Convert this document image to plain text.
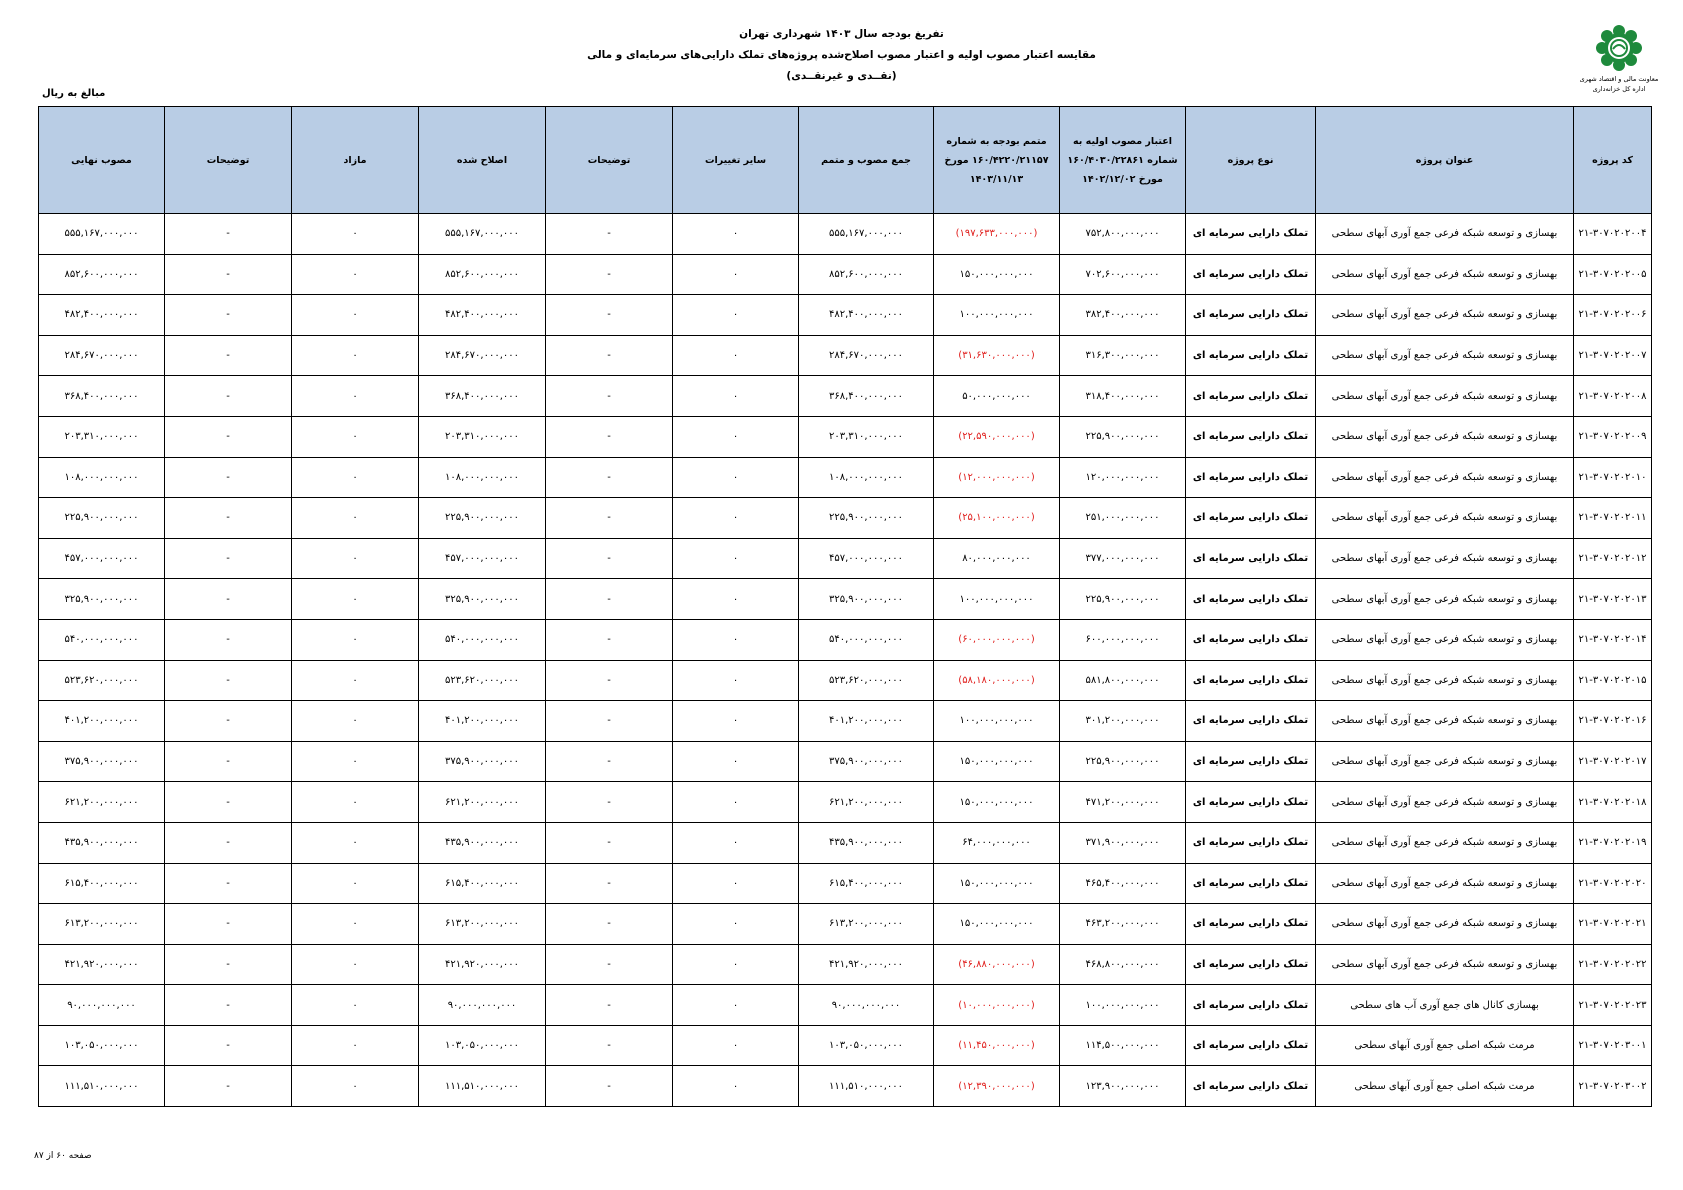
تفریغ بودجه سال ۱۴۰۳ شهرداری تهران
مقایسه اعتبار مصوب اولیه و اعتبار مصوب اصلاح‌شده پروژه‌های تملک دارایی‌های سرمایه‌ای و مالی
(نقــدی و غیرنقــدی)	معاونت مالی و اقتصاد شهری
اداره کل خزانه‌داری
مبالغ به ریال
کد پروژه	عنوان پروژه	نوع پروژه	اعتبار مصوب اولیه به شماره ۱۶۰/۴۰۳۰/۲۲۸۶۱ مورخ ۱۴۰۲/۱۲/۰۲	متمم بودجه به شماره ۱۶۰/۴۲۲۰/۲۱۱۵۷ مورخ ۱۴۰۳/۱۱/۱۳	جمع مصوب و متمم	سایر تغییرات	توضیحات	اصلاح شده	مازاد	توضیحات	مصوب نهایی
۲۱-۳۰۷۰۲۰۲۰۰۴	بهسازی و توسعه شبکه فرعی جمع آوری آبهای سطحی	تملک دارایی سرمایه ای	۷۵۲,۸۰۰,۰۰۰,۰۰۰	(۱۹۷,۶۳۳,۰۰۰,۰۰۰)	۵۵۵,۱۶۷,۰۰۰,۰۰۰	۰	-	۵۵۵,۱۶۷,۰۰۰,۰۰۰	۰	-	۵۵۵,۱۶۷,۰۰۰,۰۰۰
۲۱-۳۰۷۰۲۰۲۰۰۵	بهسازی و توسعه شبکه فرعی جمع آوری آبهای سطحی	تملک دارایی سرمایه ای	۷۰۲,۶۰۰,۰۰۰,۰۰۰	۱۵۰,۰۰۰,۰۰۰,۰۰۰	۸۵۲,۶۰۰,۰۰۰,۰۰۰	۰	-	۸۵۲,۶۰۰,۰۰۰,۰۰۰	۰	-	۸۵۲,۶۰۰,۰۰۰,۰۰۰
۲۱-۳۰۷۰۲۰۲۰۰۶	بهسازی و توسعه شبکه فرعی جمع آوری آبهای سطحی	تملک دارایی سرمایه ای	۳۸۲,۴۰۰,۰۰۰,۰۰۰	۱۰۰,۰۰۰,۰۰۰,۰۰۰	۴۸۲,۴۰۰,۰۰۰,۰۰۰	۰	-	۴۸۲,۴۰۰,۰۰۰,۰۰۰	۰	-	۴۸۲,۴۰۰,۰۰۰,۰۰۰
۲۱-۳۰۷۰۲۰۲۰۰۷	بهسازی و توسعه شبکه فرعی جمع آوری آبهای سطحی	تملک دارایی سرمایه ای	۳۱۶,۳۰۰,۰۰۰,۰۰۰	(۳۱,۶۳۰,۰۰۰,۰۰۰)	۲۸۴,۶۷۰,۰۰۰,۰۰۰	۰	-	۲۸۴,۶۷۰,۰۰۰,۰۰۰	۰	-	۲۸۴,۶۷۰,۰۰۰,۰۰۰
۲۱-۳۰۷۰۲۰۲۰۰۸	بهسازی و توسعه شبکه فرعی جمع آوری آبهای سطحی	تملک دارایی سرمایه ای	۳۱۸,۴۰۰,۰۰۰,۰۰۰	۵۰,۰۰۰,۰۰۰,۰۰۰	۳۶۸,۴۰۰,۰۰۰,۰۰۰	۰	-	۳۶۸,۴۰۰,۰۰۰,۰۰۰	۰	-	۳۶۸,۴۰۰,۰۰۰,۰۰۰
۲۱-۳۰۷۰۲۰۲۰۰۹	بهسازی و توسعه شبکه فرعی جمع آوری آبهای سطحی	تملک دارایی سرمایه ای	۲۲۵,۹۰۰,۰۰۰,۰۰۰	(۲۲,۵۹۰,۰۰۰,۰۰۰)	۲۰۳,۳۱۰,۰۰۰,۰۰۰	۰	-	۲۰۳,۳۱۰,۰۰۰,۰۰۰	۰	-	۲۰۳,۳۱۰,۰۰۰,۰۰۰
۲۱-۳۰۷۰۲۰۲۰۱۰	بهسازی و توسعه شبکه فرعی جمع آوری آبهای سطحی	تملک دارایی سرمایه ای	۱۲۰,۰۰۰,۰۰۰,۰۰۰	(۱۲,۰۰۰,۰۰۰,۰۰۰)	۱۰۸,۰۰۰,۰۰۰,۰۰۰	۰	-	۱۰۸,۰۰۰,۰۰۰,۰۰۰	۰	-	۱۰۸,۰۰۰,۰۰۰,۰۰۰
۲۱-۳۰۷۰۲۰۲۰۱۱	بهسازی و توسعه شبکه فرعی جمع آوری آبهای سطحی	تملک دارایی سرمایه ای	۲۵۱,۰۰۰,۰۰۰,۰۰۰	(۲۵,۱۰۰,۰۰۰,۰۰۰)	۲۲۵,۹۰۰,۰۰۰,۰۰۰	۰	-	۲۲۵,۹۰۰,۰۰۰,۰۰۰	۰	-	۲۲۵,۹۰۰,۰۰۰,۰۰۰
۲۱-۳۰۷۰۲۰۲۰۱۲	بهسازی و توسعه شبکه فرعی جمع آوری آبهای سطحی	تملک دارایی سرمایه ای	۳۷۷,۰۰۰,۰۰۰,۰۰۰	۸۰,۰۰۰,۰۰۰,۰۰۰	۴۵۷,۰۰۰,۰۰۰,۰۰۰	۰	-	۴۵۷,۰۰۰,۰۰۰,۰۰۰	۰	-	۴۵۷,۰۰۰,۰۰۰,۰۰۰
۲۱-۳۰۷۰۲۰۲۰۱۳	بهسازی و توسعه شبکه فرعی جمع آوری آبهای سطحی	تملک دارایی سرمایه ای	۲۲۵,۹۰۰,۰۰۰,۰۰۰	۱۰۰,۰۰۰,۰۰۰,۰۰۰	۳۲۵,۹۰۰,۰۰۰,۰۰۰	۰	-	۳۲۵,۹۰۰,۰۰۰,۰۰۰	۰	-	۳۲۵,۹۰۰,۰۰۰,۰۰۰
۲۱-۳۰۷۰۲۰۲۰۱۴	بهسازی و توسعه شبکه فرعی جمع آوری آبهای سطحی	تملک دارایی سرمایه ای	۶۰۰,۰۰۰,۰۰۰,۰۰۰	(۶۰,۰۰۰,۰۰۰,۰۰۰)	۵۴۰,۰۰۰,۰۰۰,۰۰۰	۰	-	۵۴۰,۰۰۰,۰۰۰,۰۰۰	۰	-	۵۴۰,۰۰۰,۰۰۰,۰۰۰
۲۱-۳۰۷۰۲۰۲۰۱۵	بهسازی و توسعه شبکه فرعی جمع آوری آبهای سطحی	تملک دارایی سرمایه ای	۵۸۱,۸۰۰,۰۰۰,۰۰۰	(۵۸,۱۸۰,۰۰۰,۰۰۰)	۵۲۳,۶۲۰,۰۰۰,۰۰۰	۰	-	۵۲۳,۶۲۰,۰۰۰,۰۰۰	۰	-	۵۲۳,۶۲۰,۰۰۰,۰۰۰
۲۱-۳۰۷۰۲۰۲۰۱۶	بهسازی و توسعه شبکه فرعی جمع آوری آبهای سطحی	تملک دارایی سرمایه ای	۳۰۱,۲۰۰,۰۰۰,۰۰۰	۱۰۰,۰۰۰,۰۰۰,۰۰۰	۴۰۱,۲۰۰,۰۰۰,۰۰۰	۰	-	۴۰۱,۲۰۰,۰۰۰,۰۰۰	۰	-	۴۰۱,۲۰۰,۰۰۰,۰۰۰
۲۱-۳۰۷۰۲۰۲۰۱۷	بهسازی و توسعه شبکه فرعی جمع آوری آبهای سطحی	تملک دارایی سرمایه ای	۲۲۵,۹۰۰,۰۰۰,۰۰۰	۱۵۰,۰۰۰,۰۰۰,۰۰۰	۳۷۵,۹۰۰,۰۰۰,۰۰۰	۰	-	۳۷۵,۹۰۰,۰۰۰,۰۰۰	۰	-	۳۷۵,۹۰۰,۰۰۰,۰۰۰
۲۱-۳۰۷۰۲۰۲۰۱۸	بهسازی و توسعه شبکه فرعی جمع آوری آبهای سطحی	تملک دارایی سرمایه ای	۴۷۱,۲۰۰,۰۰۰,۰۰۰	۱۵۰,۰۰۰,۰۰۰,۰۰۰	۶۲۱,۲۰۰,۰۰۰,۰۰۰	۰	-	۶۲۱,۲۰۰,۰۰۰,۰۰۰	۰	-	۶۲۱,۲۰۰,۰۰۰,۰۰۰
۲۱-۳۰۷۰۲۰۲۰۱۹	بهسازی و توسعه شبکه فرعی جمع آوری آبهای سطحی	تملک دارایی سرمایه ای	۳۷۱,۹۰۰,۰۰۰,۰۰۰	۶۴,۰۰۰,۰۰۰,۰۰۰	۴۳۵,۹۰۰,۰۰۰,۰۰۰	۰	-	۴۳۵,۹۰۰,۰۰۰,۰۰۰	۰	-	۴۳۵,۹۰۰,۰۰۰,۰۰۰
۲۱-۳۰۷۰۲۰۲۰۲۰	بهسازی و توسعه شبکه فرعی جمع آوری آبهای سطحی	تملک دارایی سرمایه ای	۴۶۵,۴۰۰,۰۰۰,۰۰۰	۱۵۰,۰۰۰,۰۰۰,۰۰۰	۶۱۵,۴۰۰,۰۰۰,۰۰۰	۰	-	۶۱۵,۴۰۰,۰۰۰,۰۰۰	۰	-	۶۱۵,۴۰۰,۰۰۰,۰۰۰
۲۱-۳۰۷۰۲۰۲۰۲۱	بهسازی و توسعه شبکه فرعی جمع آوری آبهای سطحی	تملک دارایی سرمایه ای	۴۶۳,۲۰۰,۰۰۰,۰۰۰	۱۵۰,۰۰۰,۰۰۰,۰۰۰	۶۱۳,۲۰۰,۰۰۰,۰۰۰	۰	-	۶۱۳,۲۰۰,۰۰۰,۰۰۰	۰	-	۶۱۳,۲۰۰,۰۰۰,۰۰۰
۲۱-۳۰۷۰۲۰۲۰۲۲	بهسازی و توسعه شبکه فرعی جمع آوری آبهای سطحی	تملک دارایی سرمایه ای	۴۶۸,۸۰۰,۰۰۰,۰۰۰	(۴۶,۸۸۰,۰۰۰,۰۰۰)	۴۲۱,۹۲۰,۰۰۰,۰۰۰	۰	-	۴۲۱,۹۲۰,۰۰۰,۰۰۰	۰	-	۴۲۱,۹۲۰,۰۰۰,۰۰۰
۲۱-۳۰۷۰۲۰۲۰۲۳	بهسازی کانال های جمع آوری آب های سطحی	تملک دارایی سرمایه ای	۱۰۰,۰۰۰,۰۰۰,۰۰۰	(۱۰,۰۰۰,۰۰۰,۰۰۰)	۹۰,۰۰۰,۰۰۰,۰۰۰	۰	-	۹۰,۰۰۰,۰۰۰,۰۰۰	۰	-	۹۰,۰۰۰,۰۰۰,۰۰۰
۲۱-۳۰۷۰۲۰۳۰۰۱	مرمت شبکه اصلی جمع آوری آبهای سطحی	تملک دارایی سرمایه ای	۱۱۴,۵۰۰,۰۰۰,۰۰۰	(۱۱,۴۵۰,۰۰۰,۰۰۰)	۱۰۳,۰۵۰,۰۰۰,۰۰۰	۰	-	۱۰۳,۰۵۰,۰۰۰,۰۰۰	۰	-	۱۰۳,۰۵۰,۰۰۰,۰۰۰
۲۱-۳۰۷۰۲۰۳۰۰۲	مرمت شبکه اصلی جمع آوری آبهای سطحی	تملک دارایی سرمایه ای	۱۲۳,۹۰۰,۰۰۰,۰۰۰	(۱۲,۳۹۰,۰۰۰,۰۰۰)	۱۱۱,۵۱۰,۰۰۰,۰۰۰	۰	-	۱۱۱,۵۱۰,۰۰۰,۰۰۰	۰	-	۱۱۱,۵۱۰,۰۰۰,۰۰۰
صفحه ۶۰ از ۸۷
